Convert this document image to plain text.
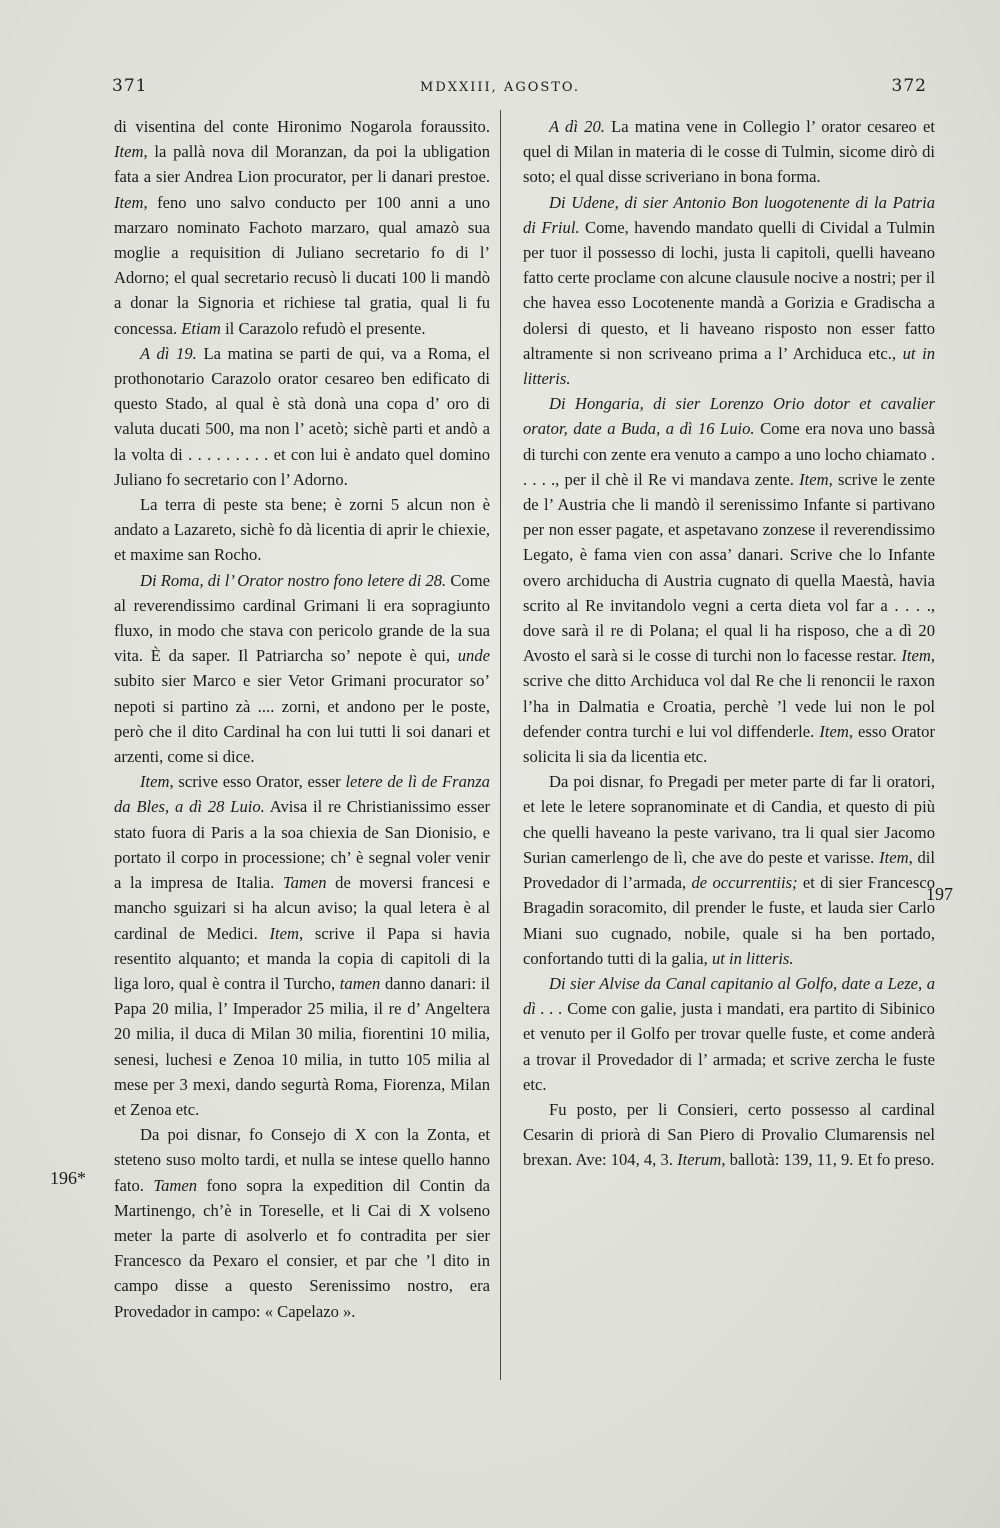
371	MDXXIII, AGOSTO.	372

di visentina del conte Hironimo Nogarola foraussito. Item, la pallà nova dil Moranzan, da poi la ubligation fata a sier Andrea Lion procurator, per li danari prestoe. Item, feno uno salvo conducto per 100 anni a uno marzaro nominato Fachoto marzaro, qual amazò sua moglie a requisition di Juliano secretario fo di l’ Adorno; el qual secretario recusò li ducati 100 li mandò a donar la Signoria et richiese tal gratia, qual li fu concessa. Etiam il Carazolo refudò el presente.

A dì 19. La matina se parti de qui, va a Roma, el prothonotario Carazolo orator cesareo ben edificato di questo Stado, al qual è stà donà una copa d’ oro di valuta ducati 500, ma non l’ acetò; sichè parti et andò a la volta di . . . . . . . . . et con lui è andato quel domino Juliano fo secretario con l’ Adorno.

La terra di peste sta bene; è zorni 5 alcun non è andato a Lazareto, sichè fo dà licentia di aprir le chiexie, et maxime san Rocho.

Di Roma, di l’ Orator nostro fono letere di 28. Come al reverendissimo cardinal Grimani li era sopragiunto fluxo, in modo che stava con pericolo grande de la sua vita. È da saper. Il Patriarcha so’ nepote è qui, unde subito sier Marco e sier Vetor Grimani procurator so’ nepoti si partino zà .... zorni, et andono per le poste, però che il dito Cardinal ha con lui tutti li soi danari et arzenti, come si dice.

Item, scrive esso Orator, esser letere de lì de Franza da Bles, a dì 28 Luio. Avisa il re Christianissimo esser stato fuora di Paris a la soa chiexia de San Dionisio, e portato il corpo in processione; ch’ è segnal voler venir a la impresa de Italia. Tamen de moversi francesi e mancho sguizari si ha alcun aviso; la qual letera è al cardinal de Medici. Item, scrive il Papa si havia resentito alquanto; et manda la copia di capitoli di la liga loro, qual è contra il Turcho, tamen danno danari: il Papa 20 milia, l’ Imperador 25 milia, il re d’ Angeltera 20 milia, il duca di Milan 30 milia, fiorentini 10 milia, senesi, luchesi e Zenoa 10 milia, in tutto 105 milia al mese per 3 mexi, dando segurtà Roma, Fiorenza, Milan et Zenoa etc.

Da poi disnar, fo Consejo di X con la Zonta, et steteno suso molto tardi, et nulla se intese quello hanno fato. Tamen fono sopra la expedition dil Contin da Martinengo, ch’è in Toreselle, et li Cai di X volseno meter la parte di asolverlo et fo contradita per sier Francesco da Pexaro el consier, et par che ’l dito in campo disse a questo Serenissimo nostro, era Provedador in campo: « Capelazo ».

A dì 20. La matina vene in Collegio l’ orator cesareo et quel di Milan in materia di le cosse di Tulmin, sicome dirò di soto; el qual disse scriveriano in bona forma.

Di Udene, di sier Antonio Bon luogotenente di la Patria di Friul. Come, havendo mandato quelli di Cividal a Tulmin per tuor il possesso di lochi, justa li capitoli, quelli haveano fatto certe proclame con alcune clausule nocive a nostri; per il che havea esso Locotenente mandà a Gorizia e Gradischa a dolersi di questo, et li haveano risposto non esser fatto altramente si non scriveano prima a l’ Archiduca etc., ut in litteris.

Di Hongaria, di sier Lorenzo Orio dotor et cavalier orator, date a Buda, a dì 16 Luio. Come era nova uno bassà di turchi con zente era venuto a campo a uno locho chiamato . . . . ., per il chè il Re vi mandava zente. Item, scrive le zente de l’ Austria che li mandò il serenissimo Infante si partivano per non esser pagate, et aspetavano zonzese il reverendissimo Legato, è fama vien con assa’ danari. Scrive che lo Infante overo archiducha di Austria cugnato di quella Maestà, havia scrito al Re invitandolo vegni a certa dieta vol far a . . . ., dove sarà il re di Polana; el qual li ha risposo, che a dì 20 Avosto el sarà si le cosse di turchi non lo facesse restar. Item, scrive che ditto Archiduca vol dal Re che li renoncii le raxon l’ha in Dalmatia e Croatia, perchè ’l vede lui non le pol defender contra turchi e lui vol diffenderle. Item, esso Orator solicita li sia da licentia etc.

Da poi disnar, fo Pregadi per meter parte di far li oratori, et lete le letere sopranominate et di Candia, et questo di più che quelli haveano la peste varivano, tra li qual sier Jacomo Surian camerlengo de lì, che ave do peste et varisse. Item, dil Provedador di l’armada, de occurrentiis; et di sier Francesco Bragadin soracomito, dil prender le fuste, et lauda sier Carlo Miani suo cugnado, nobile, quale si ha ben portado, confortando tutti di la galia, ut in litteris.

Di sier Alvise da Canal capitanio al Golfo, date a Leze, a dì . . . Come con galie, justa i mandati, era partito di Sibinico et venuto per il Golfo per trovar quelle fuste, et come anderà a trovar il Provedador di l’ armada; et scrive zercha le fuste etc.

Fu posto, per li Consieri, certo possesso al cardinal Cesarin di priorà di San Piero di Provalio Clumarensis nel brexan. Ave: 104, 4, 3. Iterum, ballotà: 139, 11, 9. Et fo preso.

196*
197
